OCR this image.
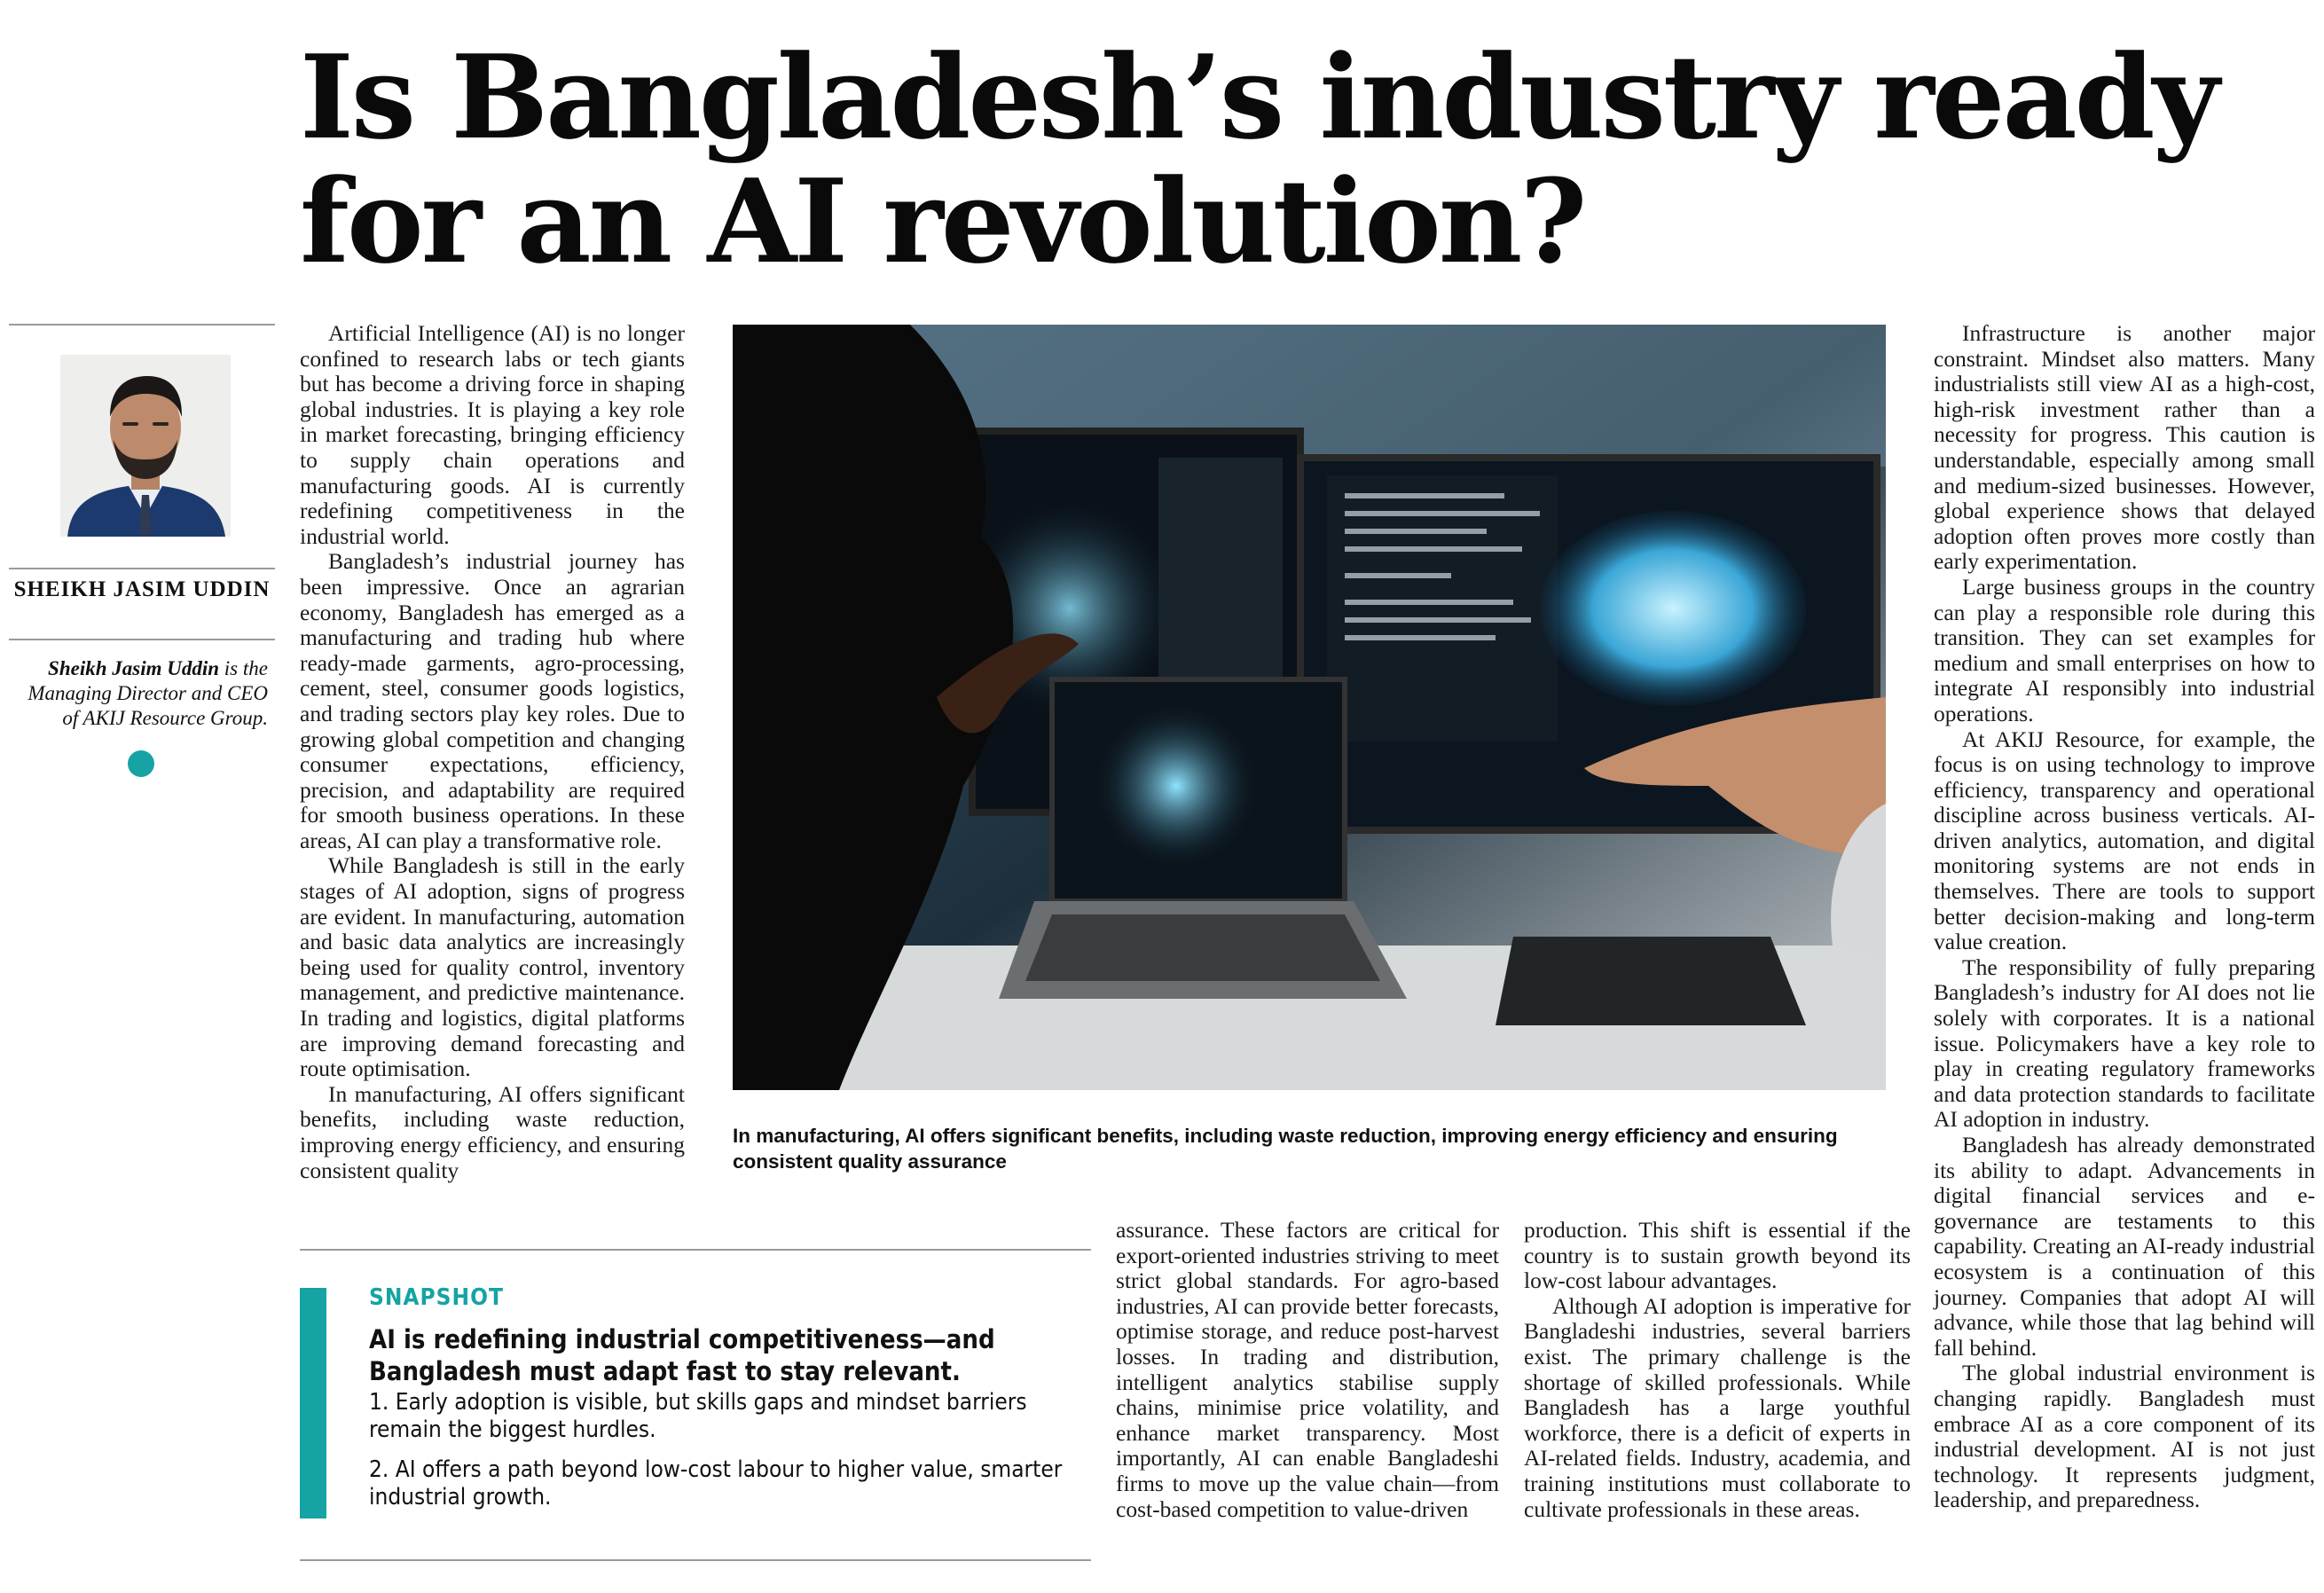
Is Bangladesh’s industry ready for an AI revolution?
SHEIKH JASIM UDDIN
Sheikh Jasim Uddin is the Managing Director and CEO of AKIJ Resource Group.

Artificial Intelligence (AI) is no longer confined to research labs or tech giants but has become a driving force in shaping global industries. It is playing a key role in market forecasting, bringing efficiency to supply chain operations and manufacturing goods. AI is currently redefining competitiveness in the industrial world.

Bangladesh’s industrial journey has been impressive. Once an agrarian economy, Bangladesh has emerged as a manufacturing and trading hub where ready-made garments, agro-processing, cement, steel, consumer goods logistics, and trading sectors play key roles. Due to growing global competition and changing consumer expectations, efficiency, precision, and adaptability are required for smooth business operations. In these areas, AI can play a transformative role.

While Bangladesh is still in the early stages of AI adoption, signs of progress are evident. In manufacturing, automation and basic data analytics are increasingly being used for quality control, inventory management, and predictive maintenance. In trading and logistics, digital platforms are improving demand forecasting and route optimisation.

In manufacturing, AI offers significant benefits, including waste reduction, improving energy efficiency, and ensuring consistent quality

In manufacturing, AI offers significant benefits, including waste reduction, improving energy efficiency and ensuring consistent quality assurance
SNAPSHOT
AI is redefining industrial competitiveness—and Bangladesh must adapt fast to stay relevant.
1. Early adoption is visible, but skills gaps and mindset barriers remain the biggest hurdles.
2. AI offers a path beyond low-cost labour to higher value, smarter industrial growth.

assurance. These factors are critical for export-oriented industries striving to meet strict global standards. For agro-based industries, AI can provide better forecasts, optimise storage, and reduce post-harvest losses. In trading and distribution, intelligent analytics stabilise supply chains, minimise price volatility, and enhance market transparency. Most importantly, AI can enable Bangladeshi firms to move up the value chain—from cost-based competition to value-driven

production. This shift is essential if the country is to sustain growth beyond its low-cost labour advantages.

Although AI adoption is imperative for Bangladeshi industries, several barriers exist. The primary challenge is the shortage of skilled professionals. While Bangladesh has a large youthful workforce, there is a deficit of experts in AI-related fields. Industry, academia, and training institutions must collaborate to cultivate professionals in these areas.

Infrastructure is another major constraint. Mindset also matters. Many industrialists still view AI as a high-cost, high-risk investment rather than a necessity for progress. This caution is understandable, especially among small and medium-sized businesses. However, global experience shows that delayed adoption often proves more costly than early experimentation.

Large business groups in the country can play a responsible role during this transition. They can set examples for medium and small enterprises on how to integrate AI responsibly into industrial operations.

At AKIJ Resource, for example, the focus is on using technology to improve efficiency, transparency and operational discipline across business verticals. AI-driven analytics, automation, and digital monitoring systems are not ends in themselves. There are tools to support better decision-making and long-term value creation.

The responsibility of fully preparing Bangladesh’s industry for AI does not lie solely with corporates. It is a national issue. Policymakers have a key role to play in creating regulatory frameworks and data protection standards to facilitate AI adoption in industry.

Bangladesh has already demonstrated its ability to adapt. Advancements in digital financial services and e-governance are testaments to this capability. Creating an AI-ready industrial ecosystem is a continuation of this journey. Companies that adopt AI will advance, while those that lag behind will fall behind.

The global industrial environment is changing rapidly. Bangladesh must embrace AI as a core component of its industrial development. AI is not just technology. It represents judgment, leadership, and preparedness.
